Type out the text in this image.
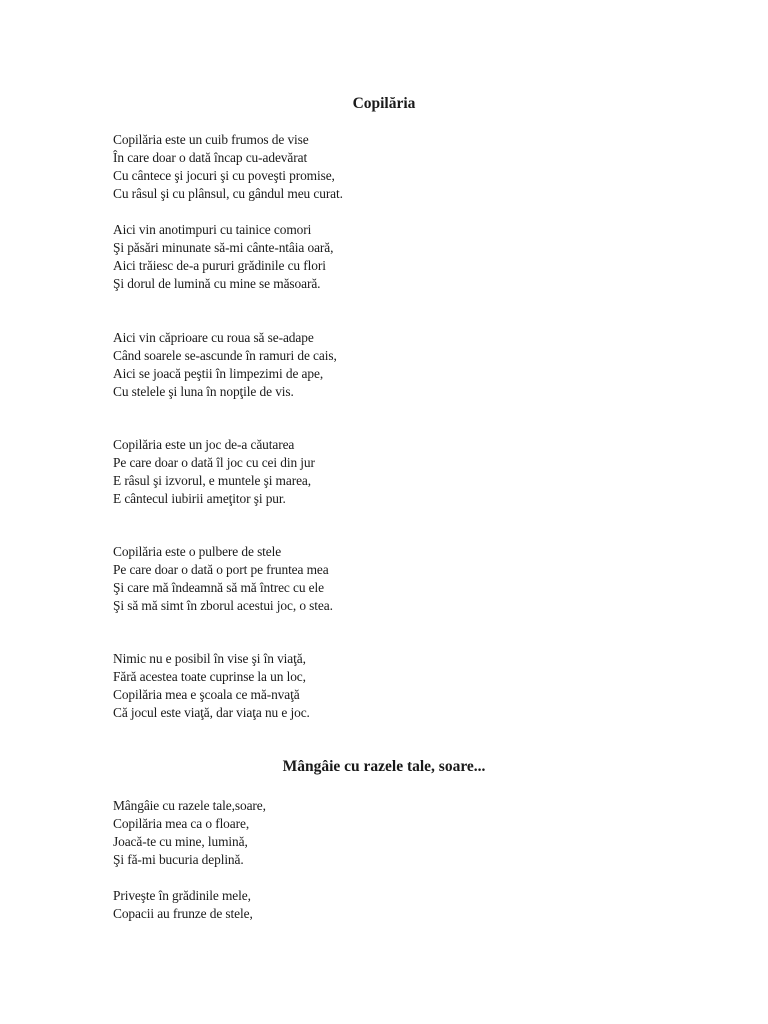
Copilăria
Copilăria este un cuib frumos de vise
În care doar o dată încap cu-adevărat
Cu cântece şi jocuri şi cu poveşti promise,
Cu râsul şi cu plânsul, cu gândul meu curat.
Aici vin anotimpuri cu tainice comori
Şi păsări minunate să-mi cânte-ntâia oară,
Aici trăiesc de-a pururi grădinile cu flori
Şi dorul de lumină cu mine se măsoară.
Aici vin căprioare cu roua să se-adape
Când soarele se-ascunde în ramuri de cais,
Aici se joacă peştii în limpezimi de ape,
Cu stelele şi luna în nopţile de vis.
Copilăria este un joc de-a căutarea
Pe care doar o dată îl joc cu cei din jur
E râsul şi izvorul, e muntele şi marea,
E cântecul iubirii ameţitor şi pur.
Copilăria este o pulbere de stele
Pe care doar o dată o port pe fruntea mea
Şi care mă îndeamnă să mă întrec cu ele
Şi să mă simt în zborul acestui joc, o stea.
Nimic nu e posibil în vise şi în viaţă,
Fără acestea toate cuprinse la un loc,
Copilăria mea e şcoala ce mă-nvaţă
Că jocul este viaţă, dar viaţa nu e joc.
Mângâie cu razele tale, soare...
Mângâie cu razele tale,soare,
Copilăria mea ca o floare,
Joacă-te cu mine, lumină,
Şi fă-mi bucuria deplină.
Priveşte în grădinile mele,
Copacii au frunze de stele,
